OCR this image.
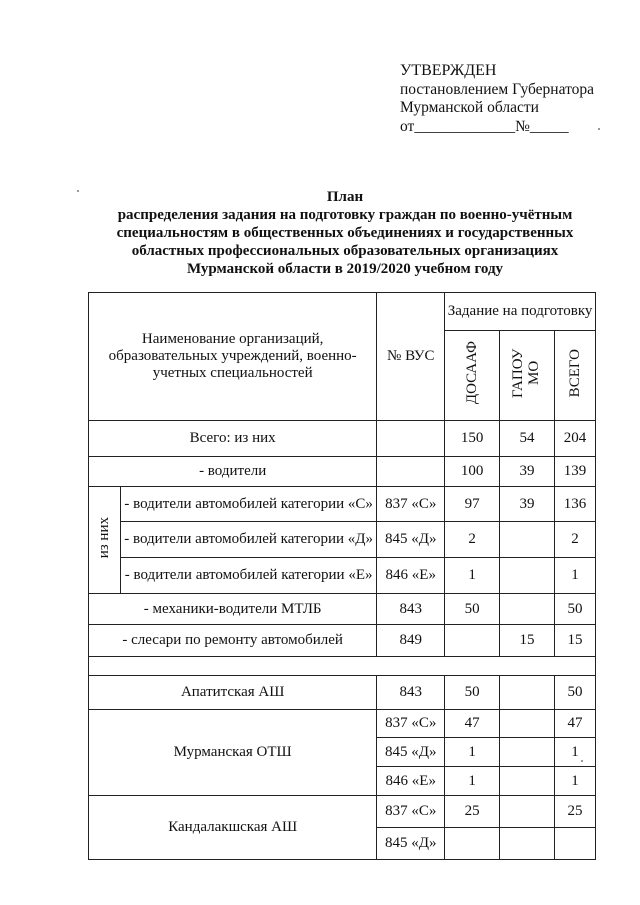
УТВЕРЖДЕН
постановлением Губернатора
Мурманской области
от_____________№_____
План
распределения задания на подготовку граждан по военно-учётным
специальностям в общественных объединениях и государственных
областных профессиональных образовательных организациях
Мурманской области в 2019/2020 учебном году
Наименование организаций, образовательных учреждений, военно-учетных специальностей		№ ВУС	Задание на подготовку		
			ДОСААФ	ГАПОУ МО	ВСЕГО
Всего: из них			150	54	204
- водители			100	39	139
из них	- водители автомобилей категории «С»	837 «С»	97	39	136
	- водители автомобилей категории «Д»	845 «Д»	2		2
	- водители автомобилей категории «Е»	846 «Е»	1		1
- механики-водители МТЛБ		843	50		50
- слесари по ремонту автомобилей		849		15	15

Апатитская АШ		843	50		50
Мурманская ОТШ		837 «С»	47		47
		845 «Д»	1		1
		846 «Е»	1		1
Кандалакшская АШ		837 «С»	25		25
		845 «Д»			
